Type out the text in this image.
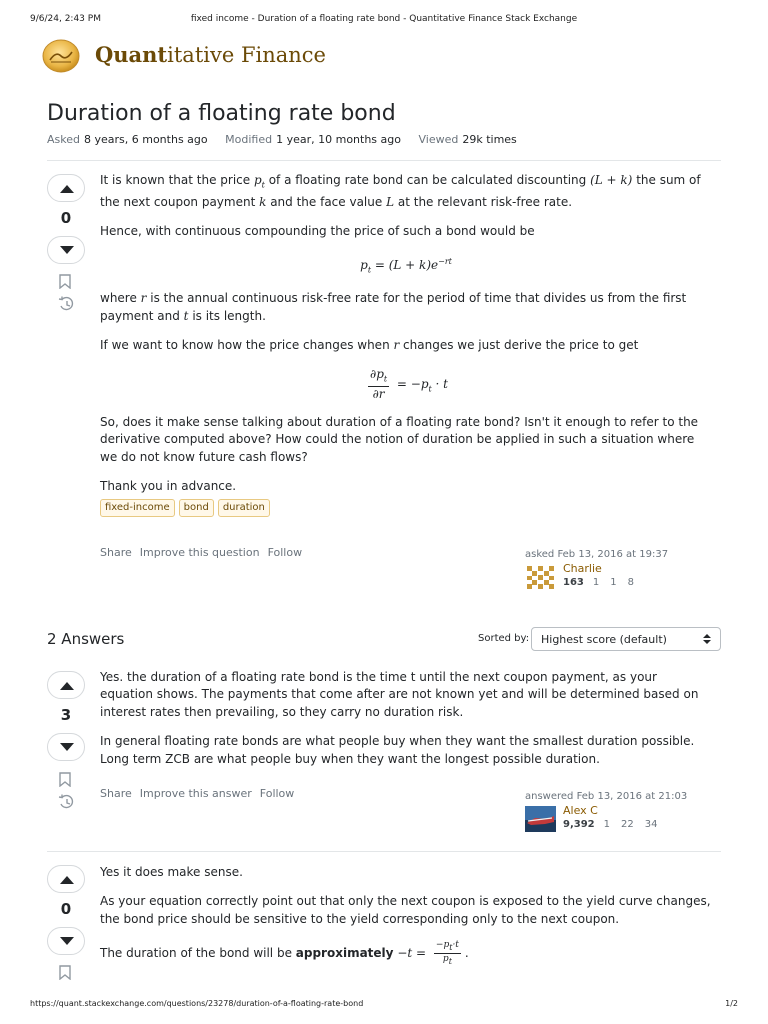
9/6/24, 2:43 PM	fixed income - Duration of a floating rate bond - Quantitative Finance Stack Exchange
Quantitative Finance
Duration of a floating rate bond
Asked 8 years, 6 months ago Modified 1 year, 10 months ago Viewed 29k times
0

It is known that the price $p_t$ of a floating rate bond can be calculated discounting (L + k) the sum of the next coupon payment k and the face value L at the relevant risk-free rate.

Hence, with continuous compounding the price of such a bond would be

$p_t = (L + k)e^{-rt}$

where r is the annual continuous risk-free rate for the period of time that divides us from the first payment and t is its length.

If we want to know how the price changes when r changes we just derive the price to get

$\frac{\partial p_t}{\partial r} = -p_t \cdot t$

So, does it make sense talking about duration of a floating rate bond? Isn't it enough to refer to the derivative computed above? How could the notion of duration be applied in such a situation where we do not know future cash flows?

Thank you in advance.

fixed-income bond duration
Share Improve this question Follow	asked Feb 13, 2016 at 19:37
Charlie
163 1 1 8
2 Answers	Sorted by:	Highest score (default)
3

Yes. the duration of a floating rate bond is the time t until the next coupon payment, as your equation shows. The payments that come after are not known yet and will be determined based on interest rates then prevailing, so they carry no duration risk.

In general floating rate bonds are what people buy when they want the smallest duration possible. Long term ZCB are what people buy when they want the longest possible duration.

Share Improve this answer Follow	answered Feb 13, 2016 at 21:03
Alex C
9,392 1 22 34
0

Yes it does make sense.

As your equation correctly point out that only the next coupon is exposed to the yield curve changes, the bond price should be sensitive to the yield corresponding only to the next coupon.

The duration of the bond will be approximately $-t = \frac{-p_t\cdot t}{p_t}$ .

https://quant.stackexchange.com/questions/23278/duration-of-a-floating-rate-bond	1/2
